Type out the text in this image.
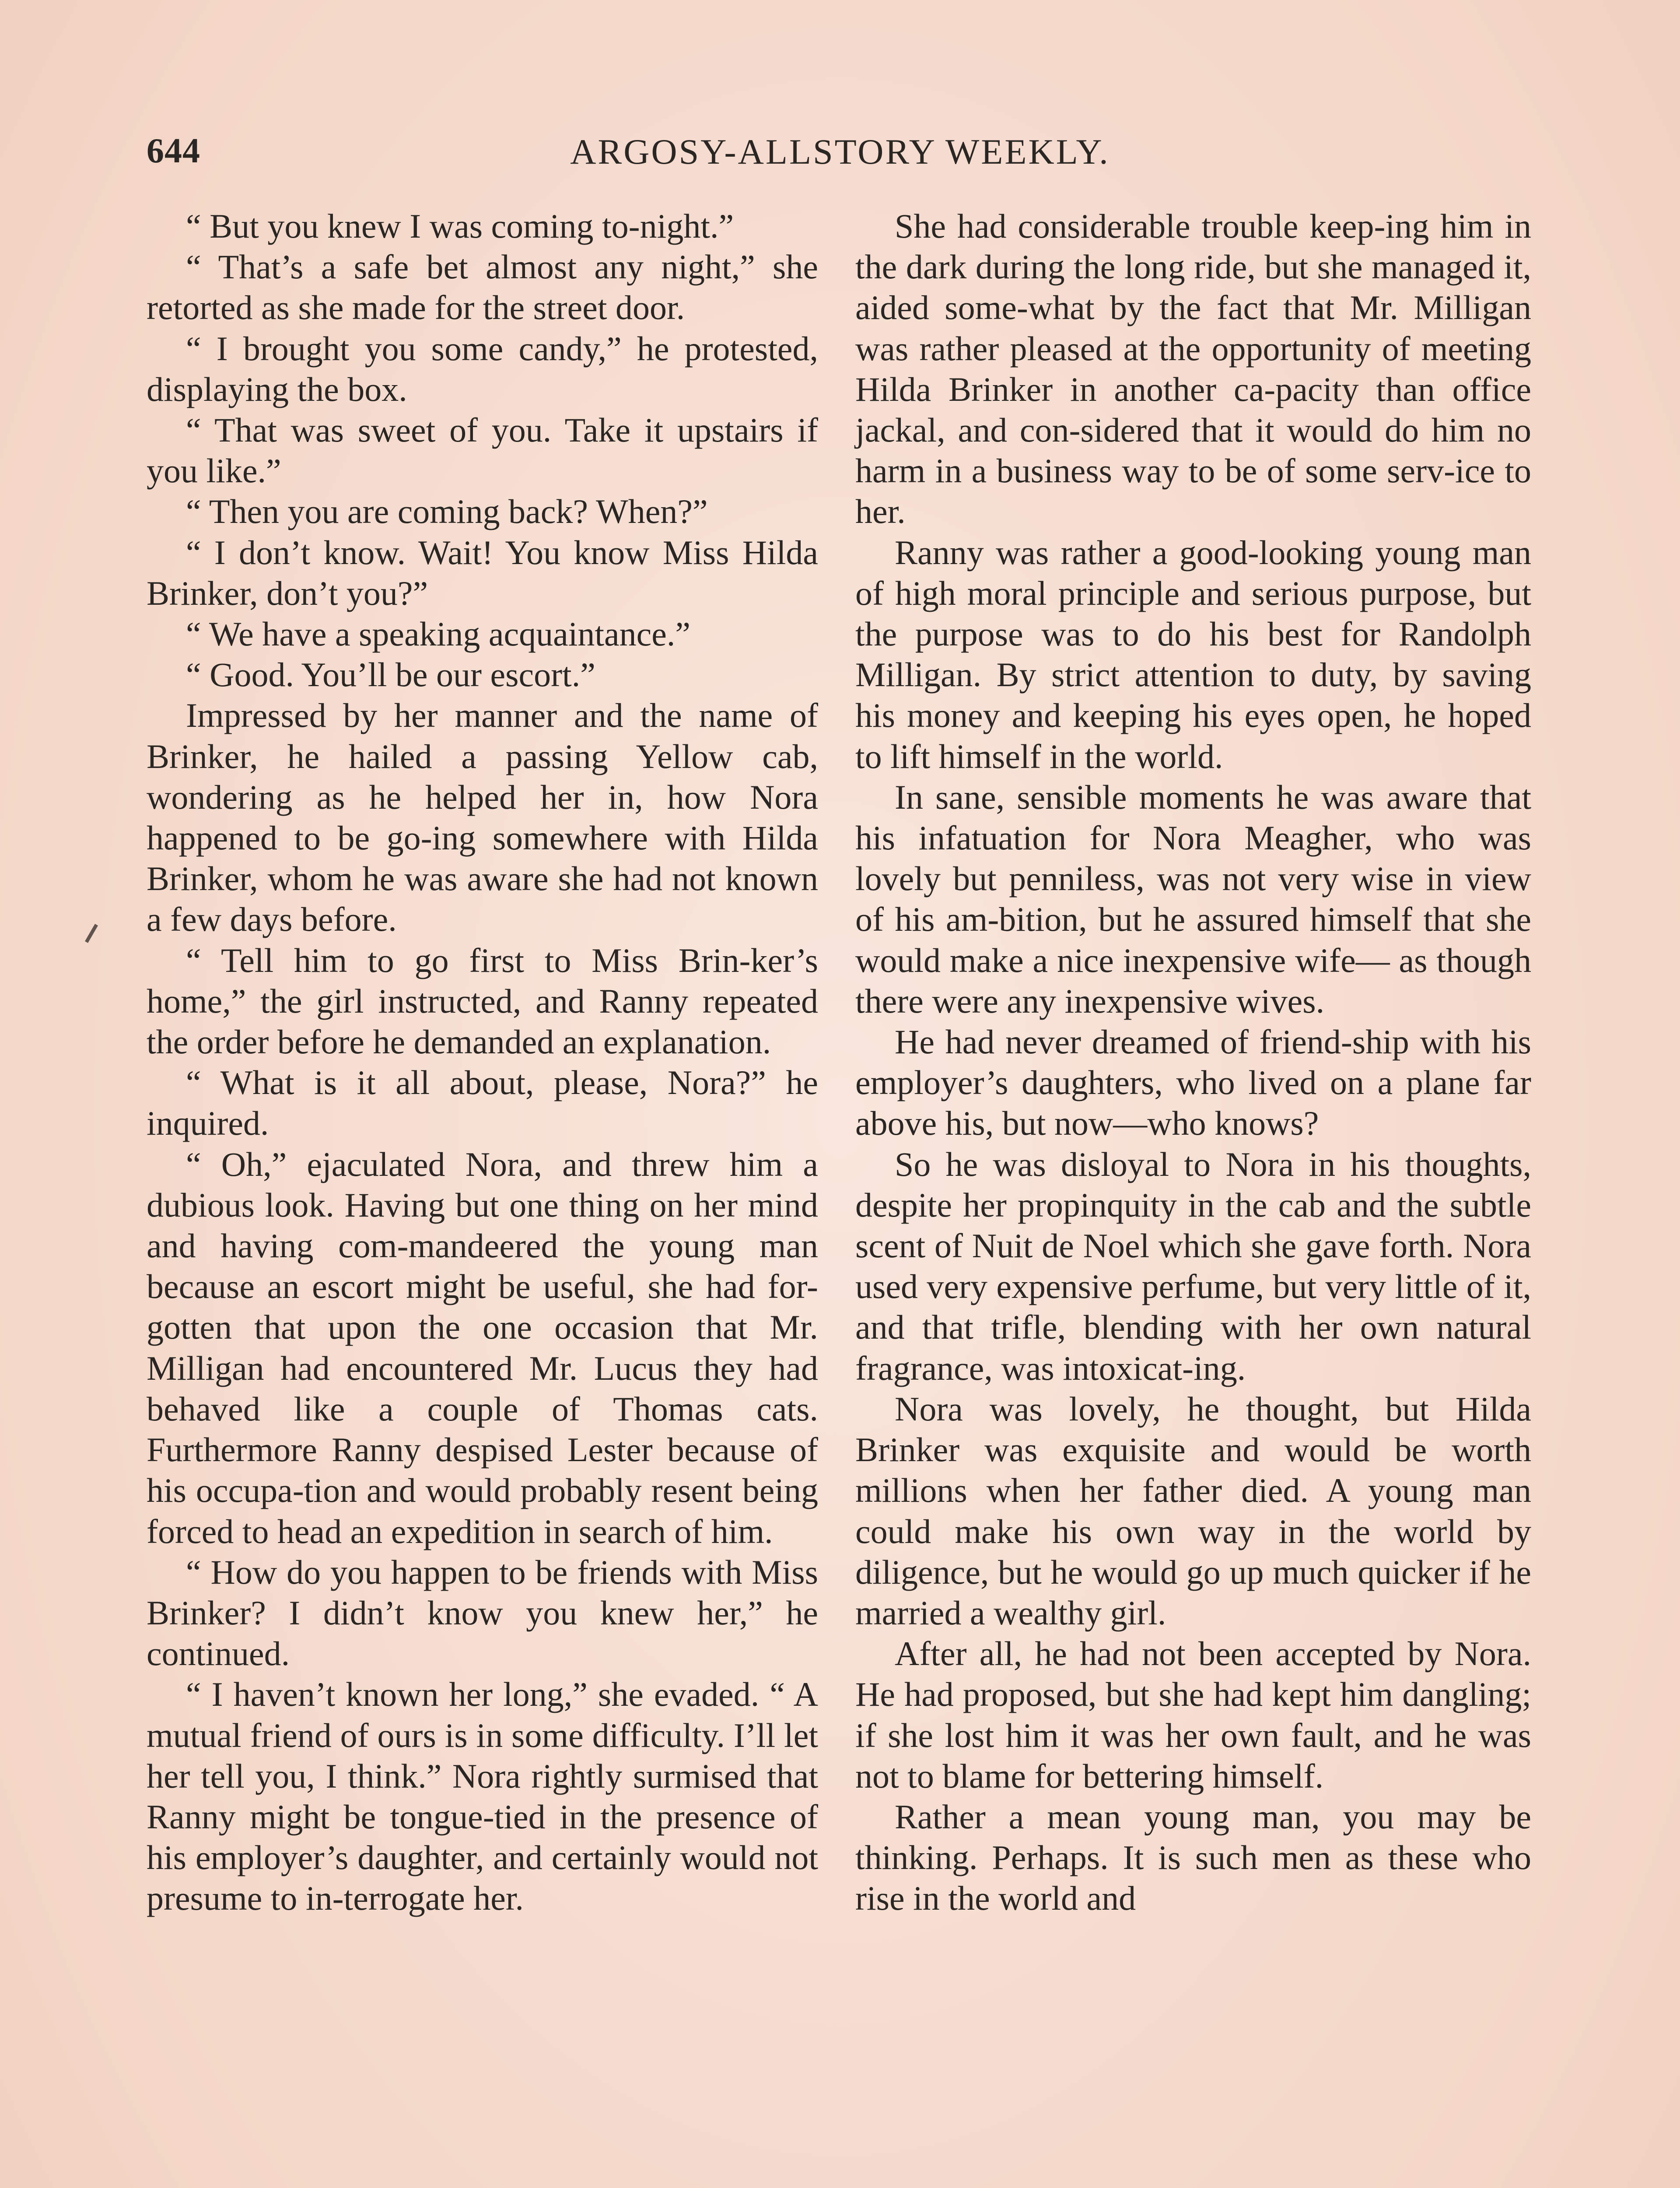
644	ARGOSY-ALLSTORY WEEKLY.

“ But you knew I was coming to-night.”

“ That’s a safe bet almost any night,” she retorted as she made for the street door.

“ I brought you some candy,” he protested, displaying the box.

“ That was sweet of you. Take it upstairs if you like.”

“ Then you are coming back? When?”

“ I don’t know. Wait! You know Miss Hilda Brinker, don’t you?”

“ We have a speaking acquaintance.”

“ Good. You’ll be our escort.”

Impressed by her manner and the name of Brinker, he hailed a passing Yellow cab, wondering as he helped her in, how Nora happened to be go-ing somewhere with Hilda Brinker, whom he was aware she had not known a few days before.

“ Tell him to go first to Miss Brin-ker’s home,” the girl instructed, and Ranny repeated the order before he demanded an explanation.

“ What is it all about, please, Nora?” he inquired.

“ Oh,” ejaculated Nora, and threw him a dubious look. Having but one thing on her mind and having com-mandeered the young man because an escort might be useful, she had for-gotten that upon the one occasion that Mr. Milligan had encountered Mr. Lucus they had behaved like a couple of Thomas cats. Furthermore Ranny despised Lester because of his occupa-tion and would probably resent being forced to head an expedition in search of him.

“ How do you happen to be friends with Miss Brinker? I didn’t know you knew her,” he continued.

“ I haven’t known her long,” she evaded. “ A mutual friend of ours is in some difficulty. I’ll let her tell you, I think.” Nora rightly surmised that Ranny might be tongue-tied in the presence of his employer’s daughter, and certainly would not presume to in-terrogate her.

She had considerable trouble keep-ing him in the dark during the long ride, but she managed it, aided some-what by the fact that Mr. Milligan was rather pleased at the opportunity of meeting Hilda Brinker in another ca-pacity than office jackal, and con-sidered that it would do him no harm in a business way to be of some serv-ice to her.

Ranny was rather a good-looking young man of high moral principle and serious purpose, but the purpose was to do his best for Randolph Milligan. By strict attention to duty, by saving his money and keeping his eyes open, he hoped to lift himself in the world.

In sane, sensible moments he was aware that his infatuation for Nora Meagher, who was lovely but penniless, was not very wise in view of his am-bition, but he assured himself that she would make a nice inexpensive wife— as though there were any inexpensive wives.

He had never dreamed of friend-ship with his employer’s daughters, who lived on a plane far above his, but now—who knows?

So he was disloyal to Nora in his thoughts, despite her propinquity in the cab and the subtle scent of Nuit de Noel which she gave forth. Nora used very expensive perfume, but very little of it, and that trifle, blending with her own natural fragrance, was intoxicat-ing.

Nora was lovely, he thought, but Hilda Brinker was exquisite and would be worth millions when her father died. A young man could make his own way in the world by diligence, but he would go up much quicker if he married a wealthy girl.

After all, he had not been accepted by Nora. He had proposed, but she had kept him dangling; if she lost him it was her own fault, and he was not to blame for bettering himself.

Rather a mean young man, you may be thinking. Perhaps. It is such men as these who rise in the world and
